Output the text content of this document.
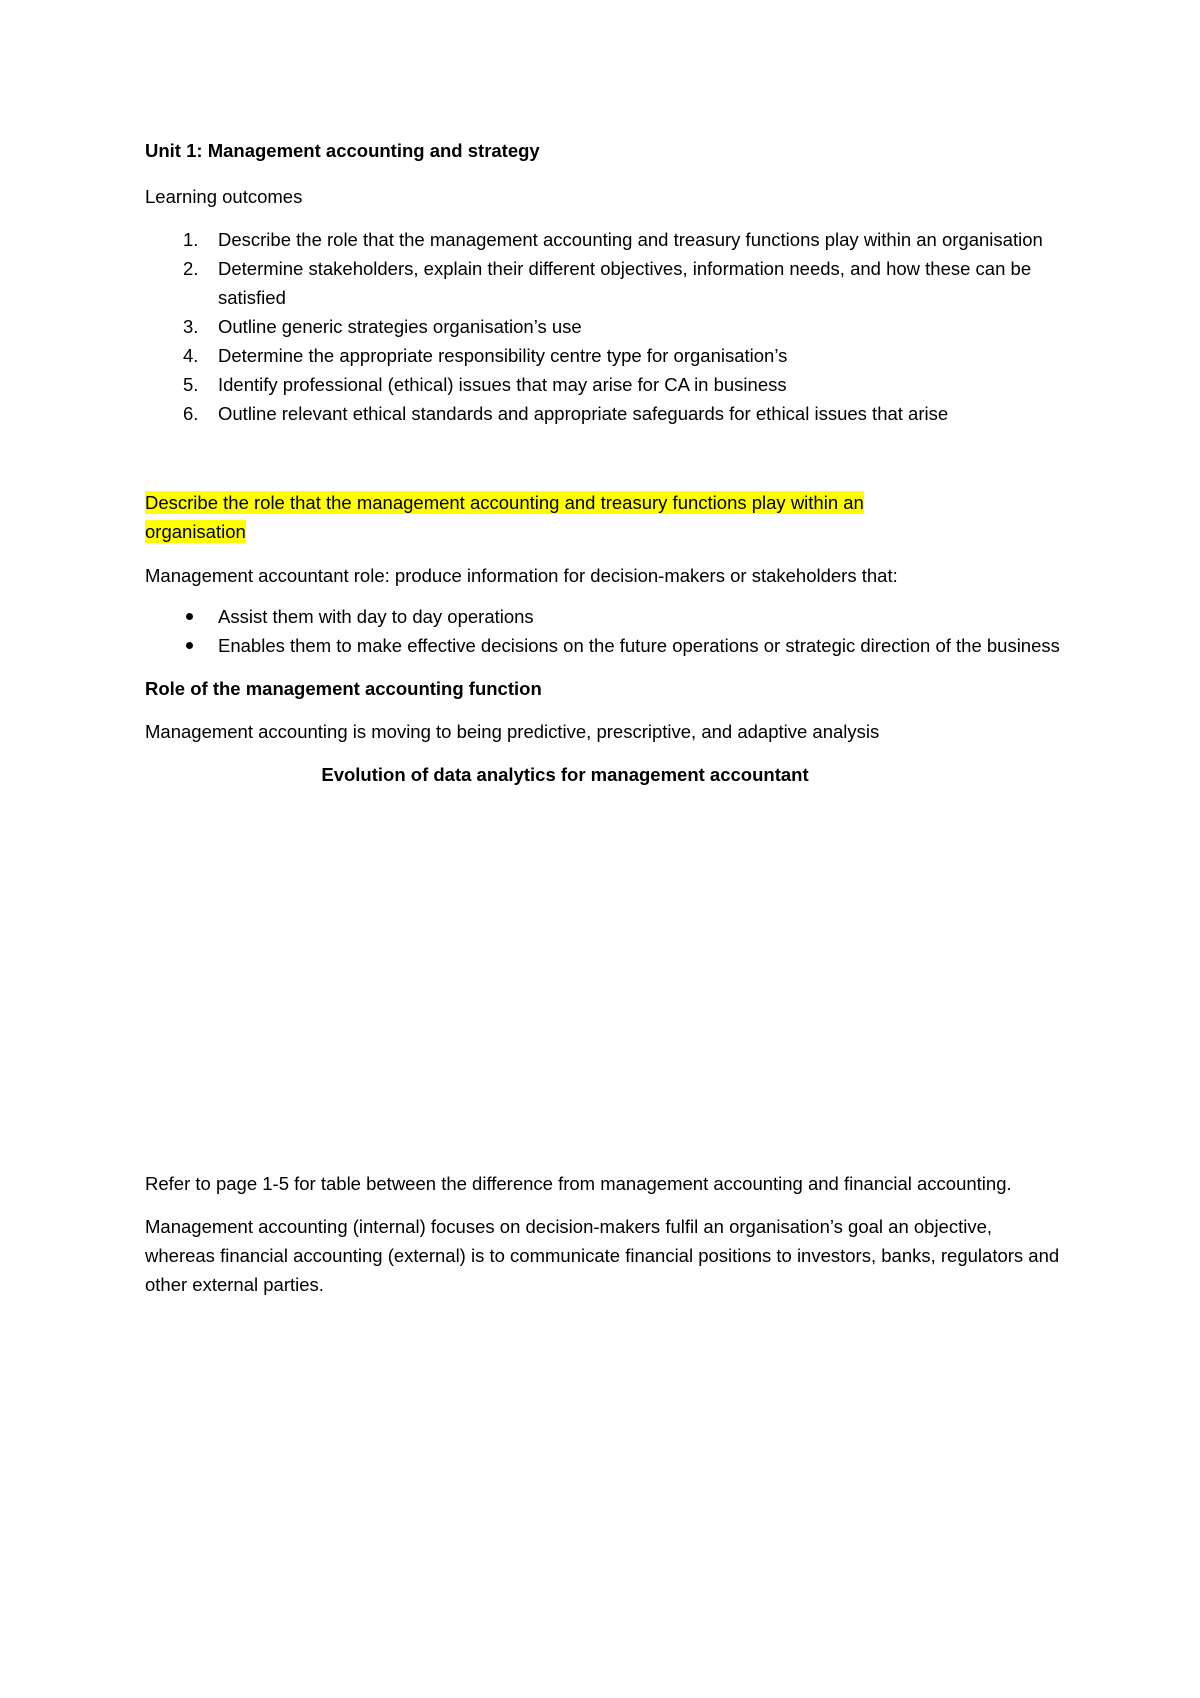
Unit 1: Management accounting and strategy

Learning outcomes

1. Describe the role that the management accounting and treasury functions play within an organisation
2. Determine stakeholders, explain their different objectives, information needs, and how these can be satisfied
3. Outline generic strategies organisation’s use
4. Determine the appropriate responsibility centre type for organisation’s
5. Identify professional (ethical) issues that may arise for CA in business
6. Outline relevant ethical standards and appropriate safeguards for ethical issues that arise
Describe the role that the management accounting and treasury functions play within an
organisation

Management accountant role: produce information for decision-makers or stakeholders that:

Assist them with day to day operations
Enables them to make effective decisions on the future operations or strategic direction of the business

Role of the management accounting function

Management accounting is moving to being predictive, prescriptive, and adaptive analysis

Evolution of data analytics for management accountant

Refer to page 1-5 for table between the difference from management accounting and financial accounting.

Management accounting (internal) focuses on decision-makers fulfil an organisation’s goal an objective, whereas financial accounting (external) is to communicate financial positions to investors, banks, regulators and other external parties.
